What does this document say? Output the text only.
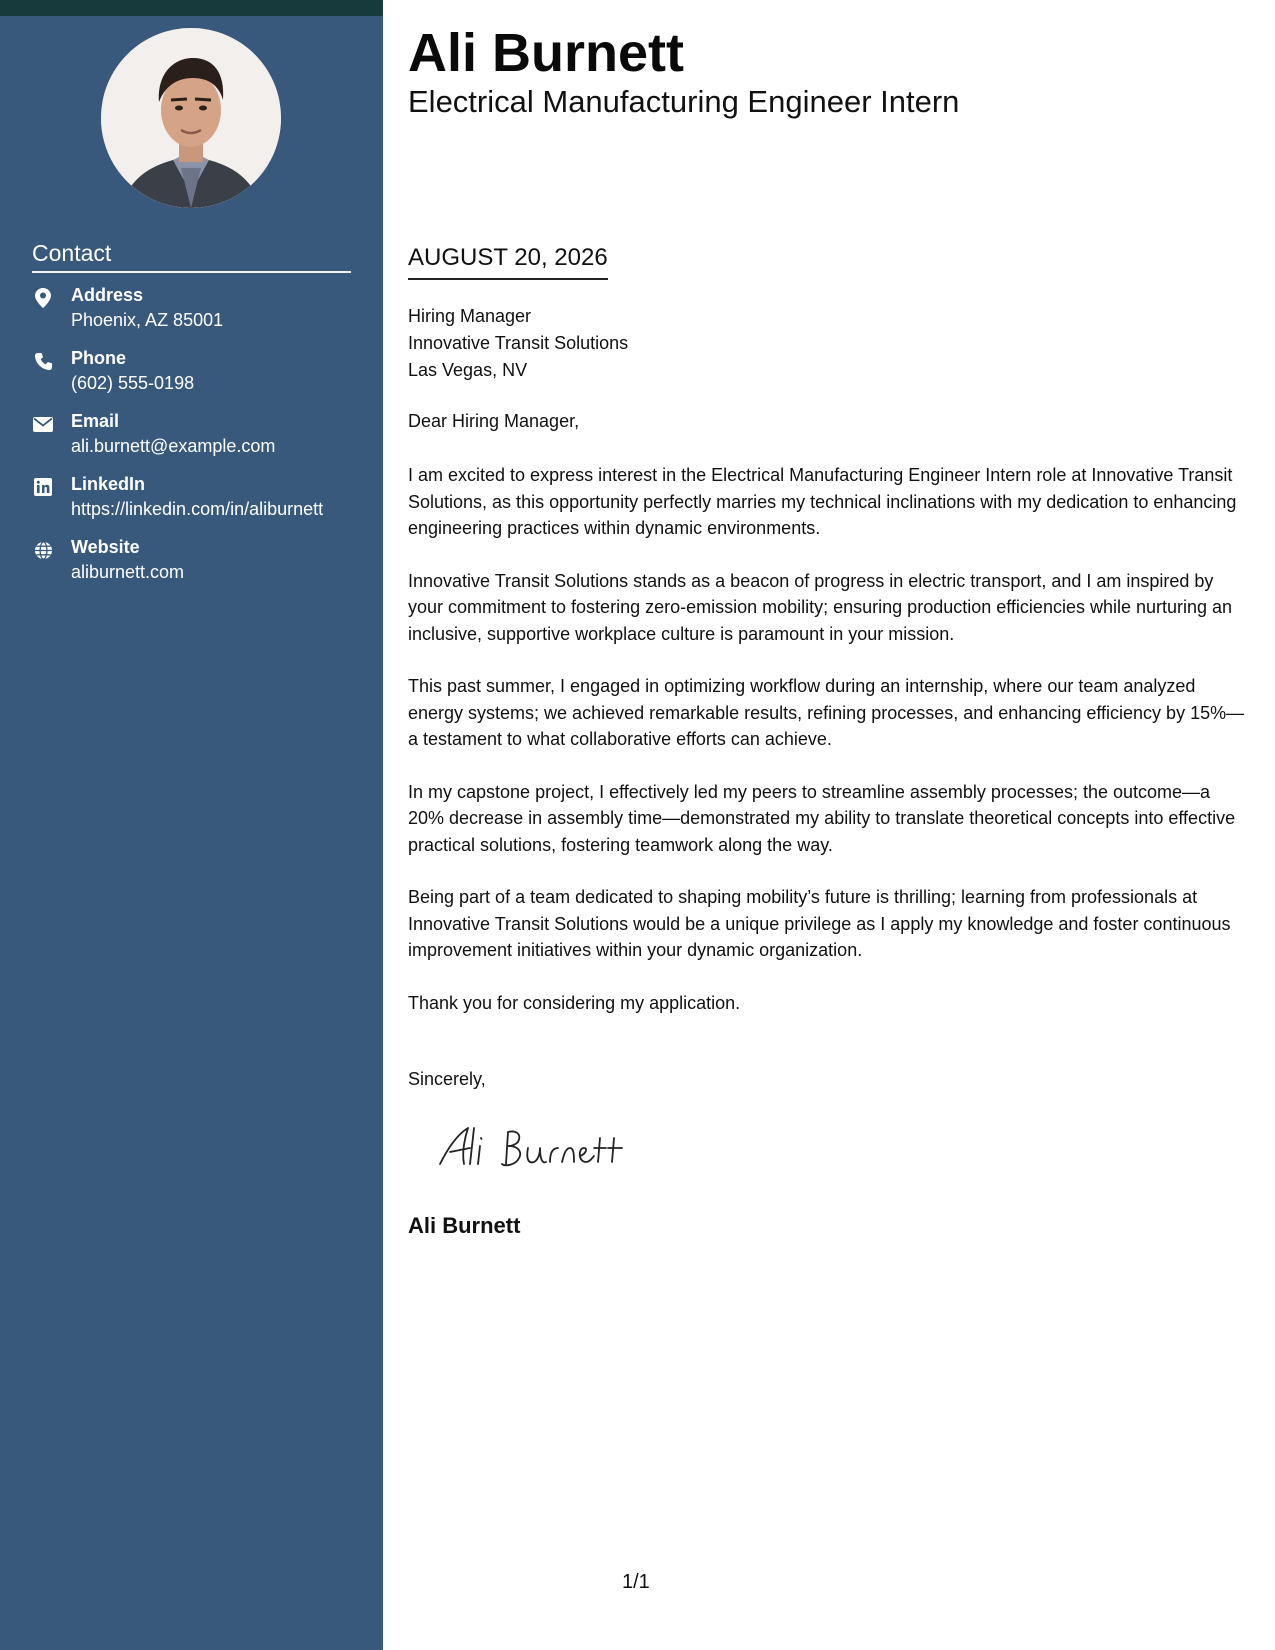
Contact
Address
Phoenix, AZ 85001
Phone
(602) 555-0198
Email
ali.burnett@example.com
LinkedIn
https://linkedin.com/in/aliburnett
Website
aliburnett.com
Ali Burnett
Electrical Manufacturing Engineer Intern
AUGUST 20, 2026
Hiring Manager
Innovative Transit Solutions
Las Vegas, NV
Dear Hiring Manager,

I am excited to express interest in the Electrical Manufacturing Engineer Intern role at Innovative Transit Solutions, as this opportunity perfectly marries my technical inclinations with my dedication to enhancing engineering practices within dynamic environments.

Innovative Transit Solutions stands as a beacon of progress in electric transport, and I am inspired by your commitment to fostering zero-emission mobility; ensuring production efficiencies while nurturing an inclusive, supportive workplace culture is paramount in your mission.

This past summer, I engaged in optimizing workflow during an internship, where our team analyzed energy systems; we achieved remarkable results, refining processes, and enhancing efficiency by 15%—a testament to what collaborative efforts can achieve.

In my capstone project, I effectively led my peers to streamline assembly processes; the outcome—a 20% decrease in assembly time—demonstrated my ability to translate theoretical concepts into effective practical solutions, fostering teamwork along the way.

Being part of a team dedicated to shaping mobility’s future is thrilling; learning from professionals at Innovative Transit Solutions would be a unique privilege as I apply my knowledge and foster continuous improvement initiatives within your dynamic organization.

Thank you for considering my application.

Sincerely,
Ali Burnett
1/1
